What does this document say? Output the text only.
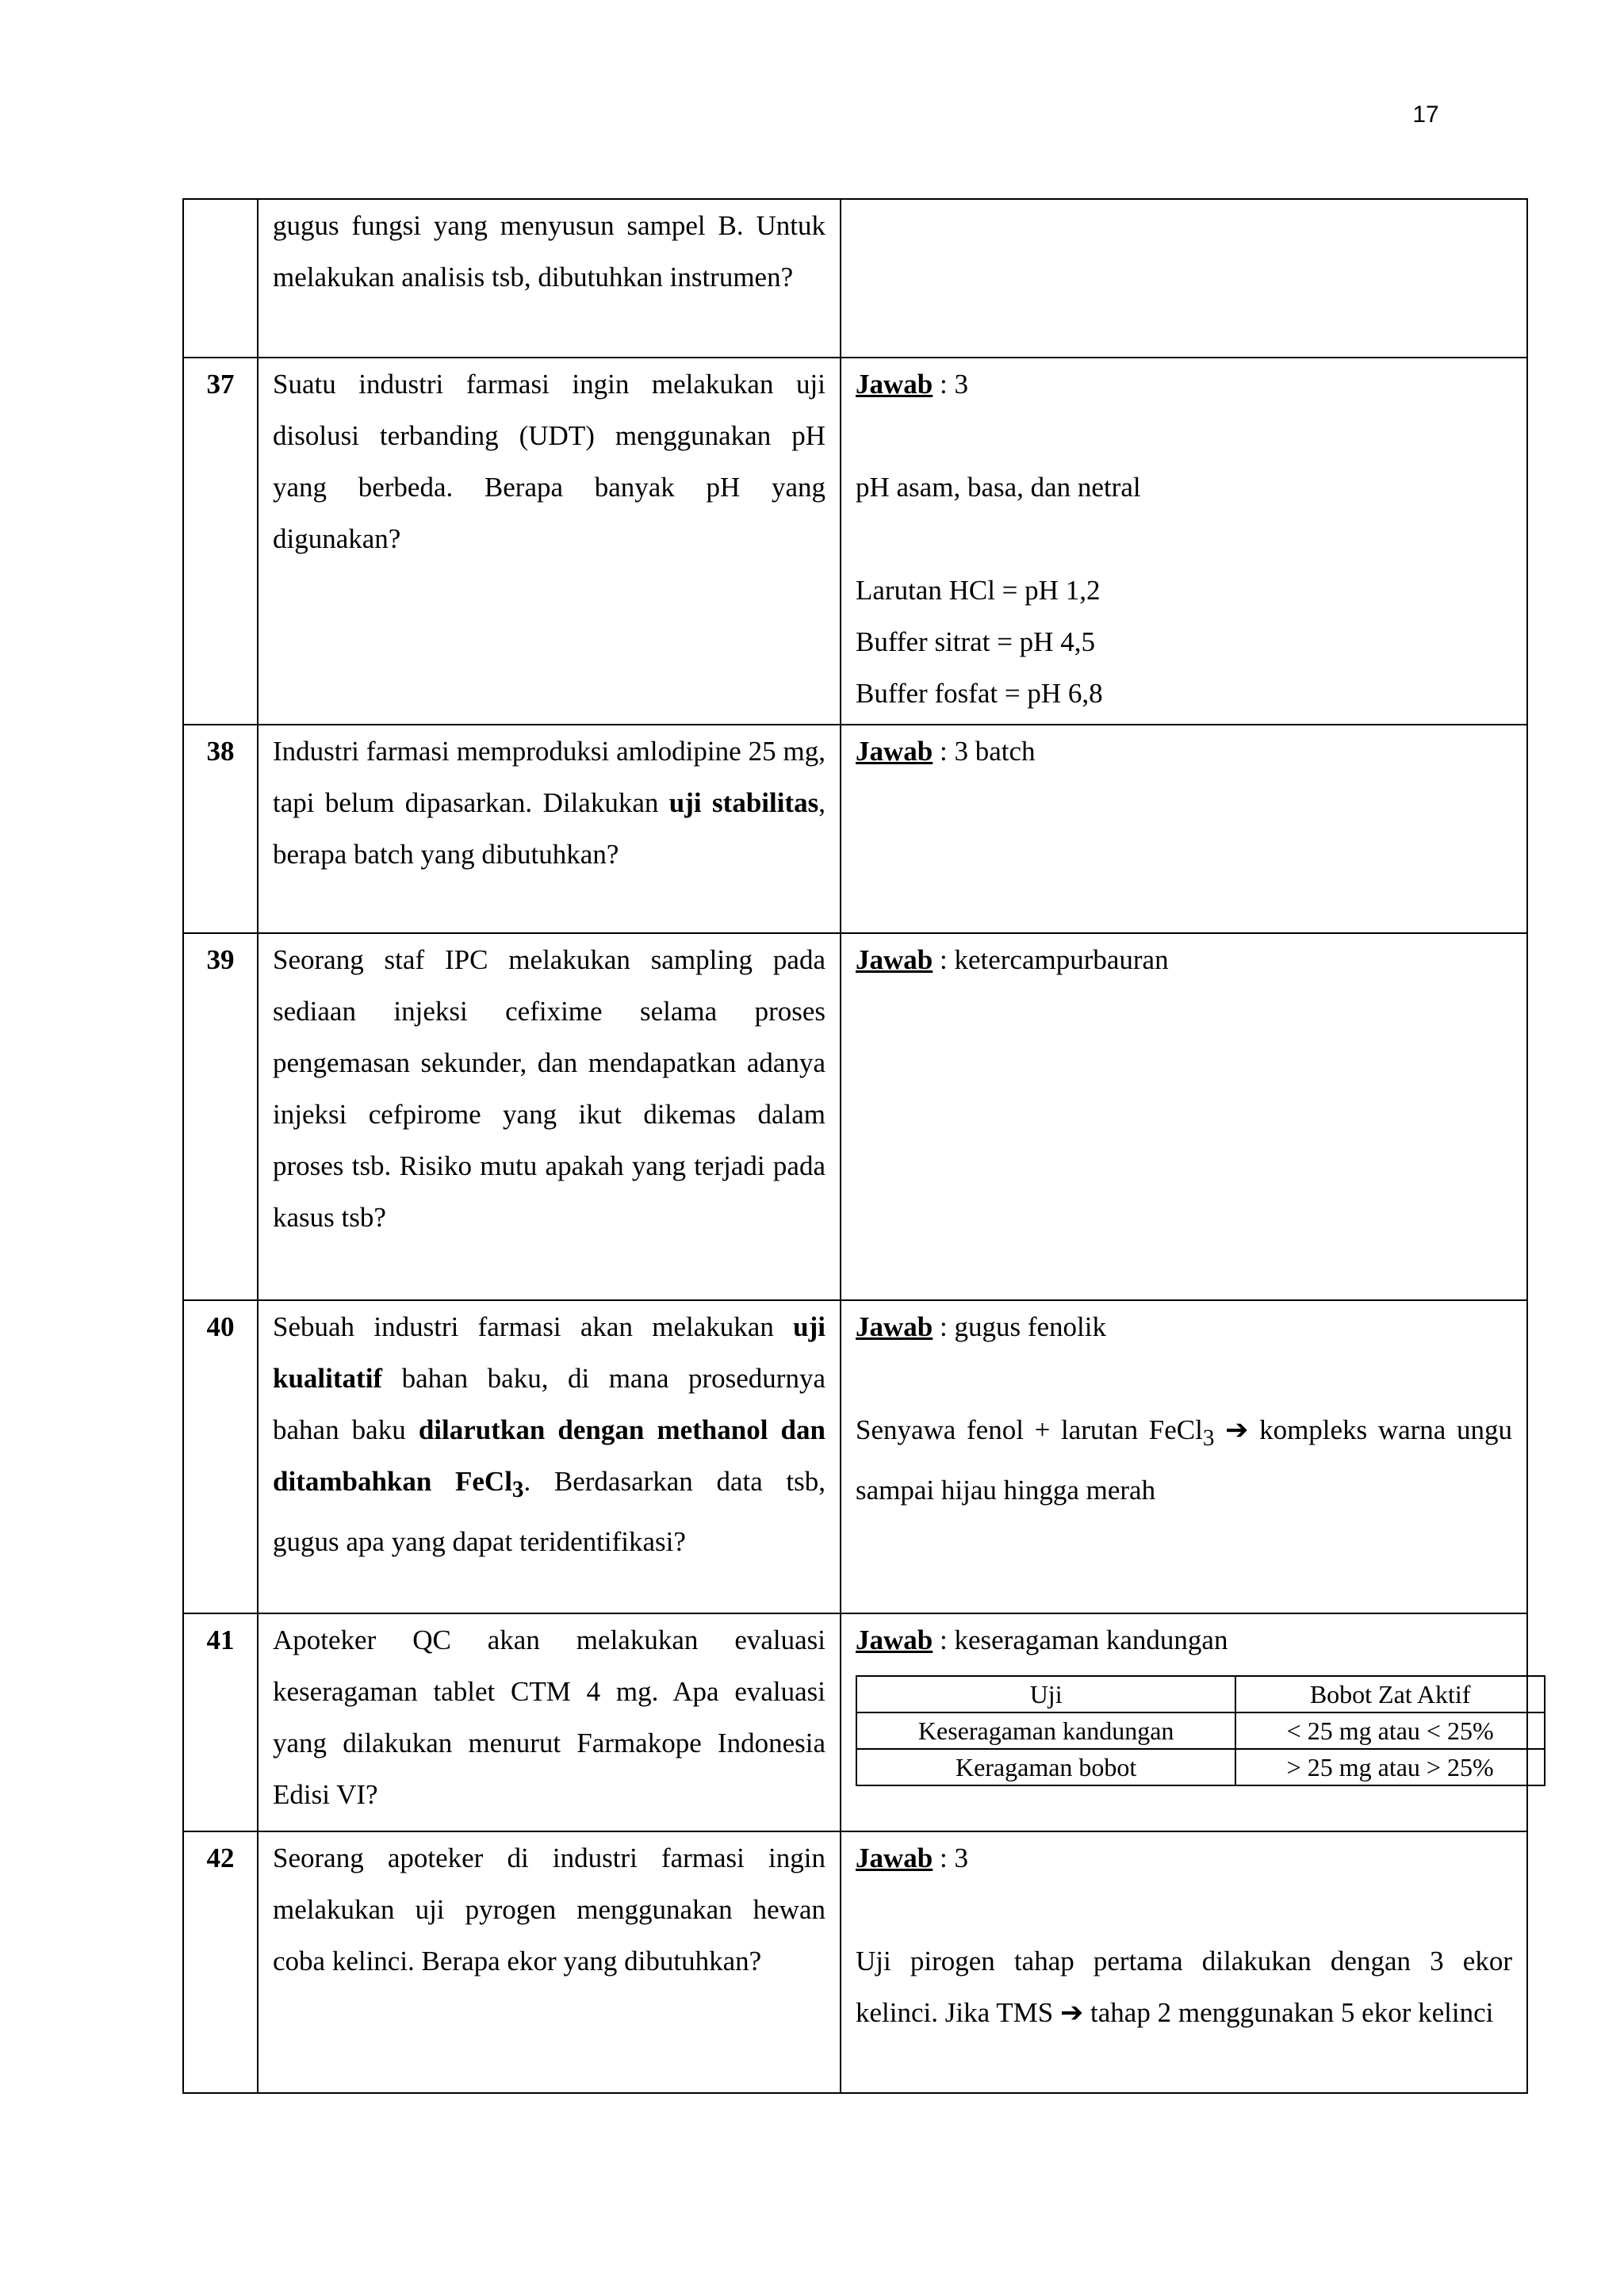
17
	gugus fungsi yang menyusun sampel B. Untuk melakukan analisis tsb, dibutuhkan instrumen?	
37	Suatu industri farmasi ingin melakukan uji disolusi terbanding (UDT) menggunakan pH yang berbeda. Berapa banyak pH yang digunakan?	
Jawab : 3
pH asam, basa, dan netral
Larutan HCl = pH 1,2
Buffer sitrat = pH 4,5
Buffer fosfat = pH 6,8

38	Industri farmasi memproduksi amlodipine 25 mg, tapi belum dipasarkan. Dilakukan uji stabilitas, berapa batch yang dibutuhkan?	
Jawab : 3 batch

39	Seorang staf IPC melakukan sampling pada sediaan injeksi cefixime selama proses pengemasan sekunder, dan mendapatkan adanya injeksi cefpirome yang ikut dikemas dalam proses tsb. Risiko mutu apakah yang terjadi pada kasus tsb?	
Jawab : ketercampurbauran

40	Sebuah industri farmasi akan melakukan uji kualitatif bahan baku, di mana prosedurnya bahan baku dilarutkan dengan methanol dan ditambahkan FeCl$_3$. Berdasarkan data tsb, gugus apa yang dapat teridentifikasi?	
Jawab : gugus fenolik
Senyawa fenol + larutan FeCl$_3$ ➔ kompleks warna ungu sampai hijau hingga merah

41	Apoteker QC akan melakukan evaluasi keseragaman tablet CTM 4 mg. Apa evaluasi yang dilakukan menurut Farmakope Indonesia Edisi VI?	
Jawab : keseragaman kandungan
Uji	Bobot Zat Aktif
Keseragaman kandungan	< 25 mg atau < 25%
Keragaman bobot	> 25 mg atau > 25%

42	Seorang apoteker di industri farmasi ingin melakukan uji pyrogen menggunakan hewan coba kelinci. Berapa ekor yang dibutuhkan?	
Jawab : 3
Uji pirogen tahap pertama dilakukan dengan 3 ekor kelinci. Jika TMS ➔ tahap 2 menggunakan 5 ekor kelinci
